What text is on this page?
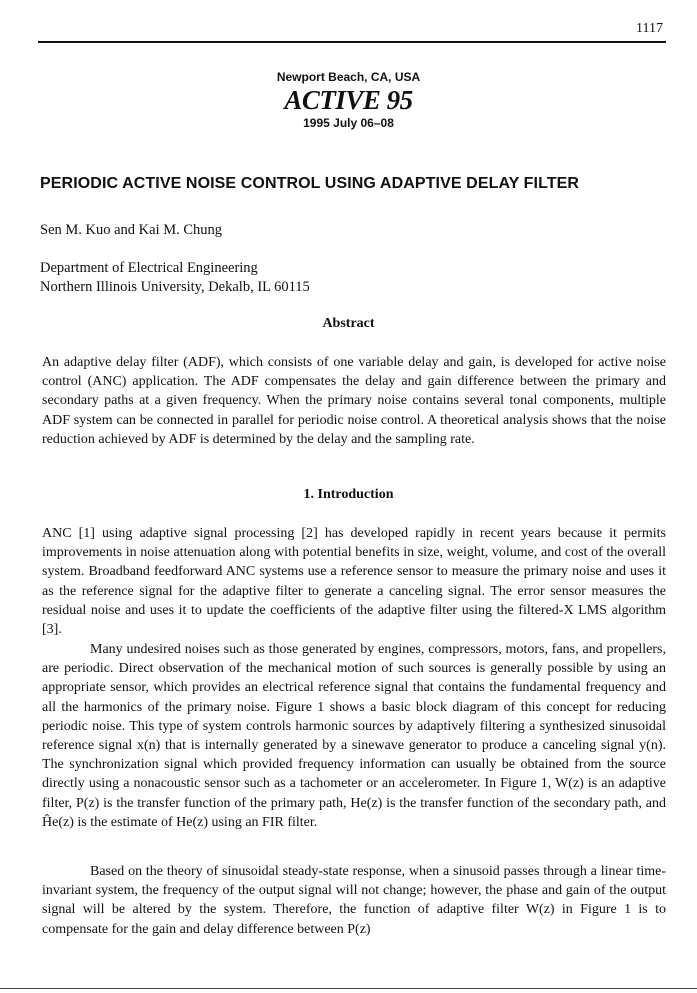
1117
Newport Beach, CA, USA
ACTIVE 95
1995 July 06–08
PERIODIC ACTIVE NOISE CONTROL USING ADAPTIVE DELAY FILTER
Sen M. Kuo and Kai M. Chung
Department of Electrical Engineering
Northern Illinois University, Dekalb, IL 60115
Abstract

An adaptive delay filter (ADF), which consists of one variable delay and gain, is developed for active noise control (ANC) application. The ADF compensates the delay and gain difference between the primary and secondary paths at a given frequency. When the primary noise contains several tonal components, multiple ADF system can be connected in parallel for periodic noise control. A theoretical analysis shows that the noise reduction achieved by ADF is determined by the delay and the sampling rate.

1. Introduction

ANC [1] using adaptive signal processing [2] has developed rapidly in recent years because it permits improvements in noise attenuation along with potential benefits in size, weight, volume, and cost of the overall system. Broadband feedforward ANC systems use a reference sensor to measure the primary noise and uses it as the reference signal for the adaptive filter to generate a canceling signal. The error sensor measures the residual noise and uses it to update the coefficients of the adaptive filter using the filtered-X LMS algorithm [3].

Many undesired noises such as those generated by engines, compressors, motors, fans, and propellers, are periodic. Direct observation of the mechanical motion of such sources is generally possible by using an appropriate sensor, which provides an electrical reference signal that contains the fundamental frequency and all the harmonics of the primary noise. Figure 1 shows a basic block diagram of this concept for reducing periodic noise. This type of system controls harmonic sources by adaptively filtering a synthesized sinusoidal reference signal x(n) that is internally generated by a sinewave generator to produce a canceling signal y(n). The synchronization signal which provided frequency information can usually be obtained from the source directly using a nonacoustic sensor such as a tachometer or an accelerometer. In Figure 1, W(z) is an adaptive filter, P(z) is the transfer function of the primary path, He(z) is the transfer function of the secondary path, and Ĥe(z) is the estimate of He(z) using an FIR filter.

Based on the theory of sinusoidal steady-state response, when a sinusoid passes through a linear time-invariant system, the frequency of the output signal will not change; however, the phase and gain of the output signal will be altered by the system. Therefore, the function of adaptive filter W(z) in Figure 1 is to compensate for the gain and delay difference between P(z)
